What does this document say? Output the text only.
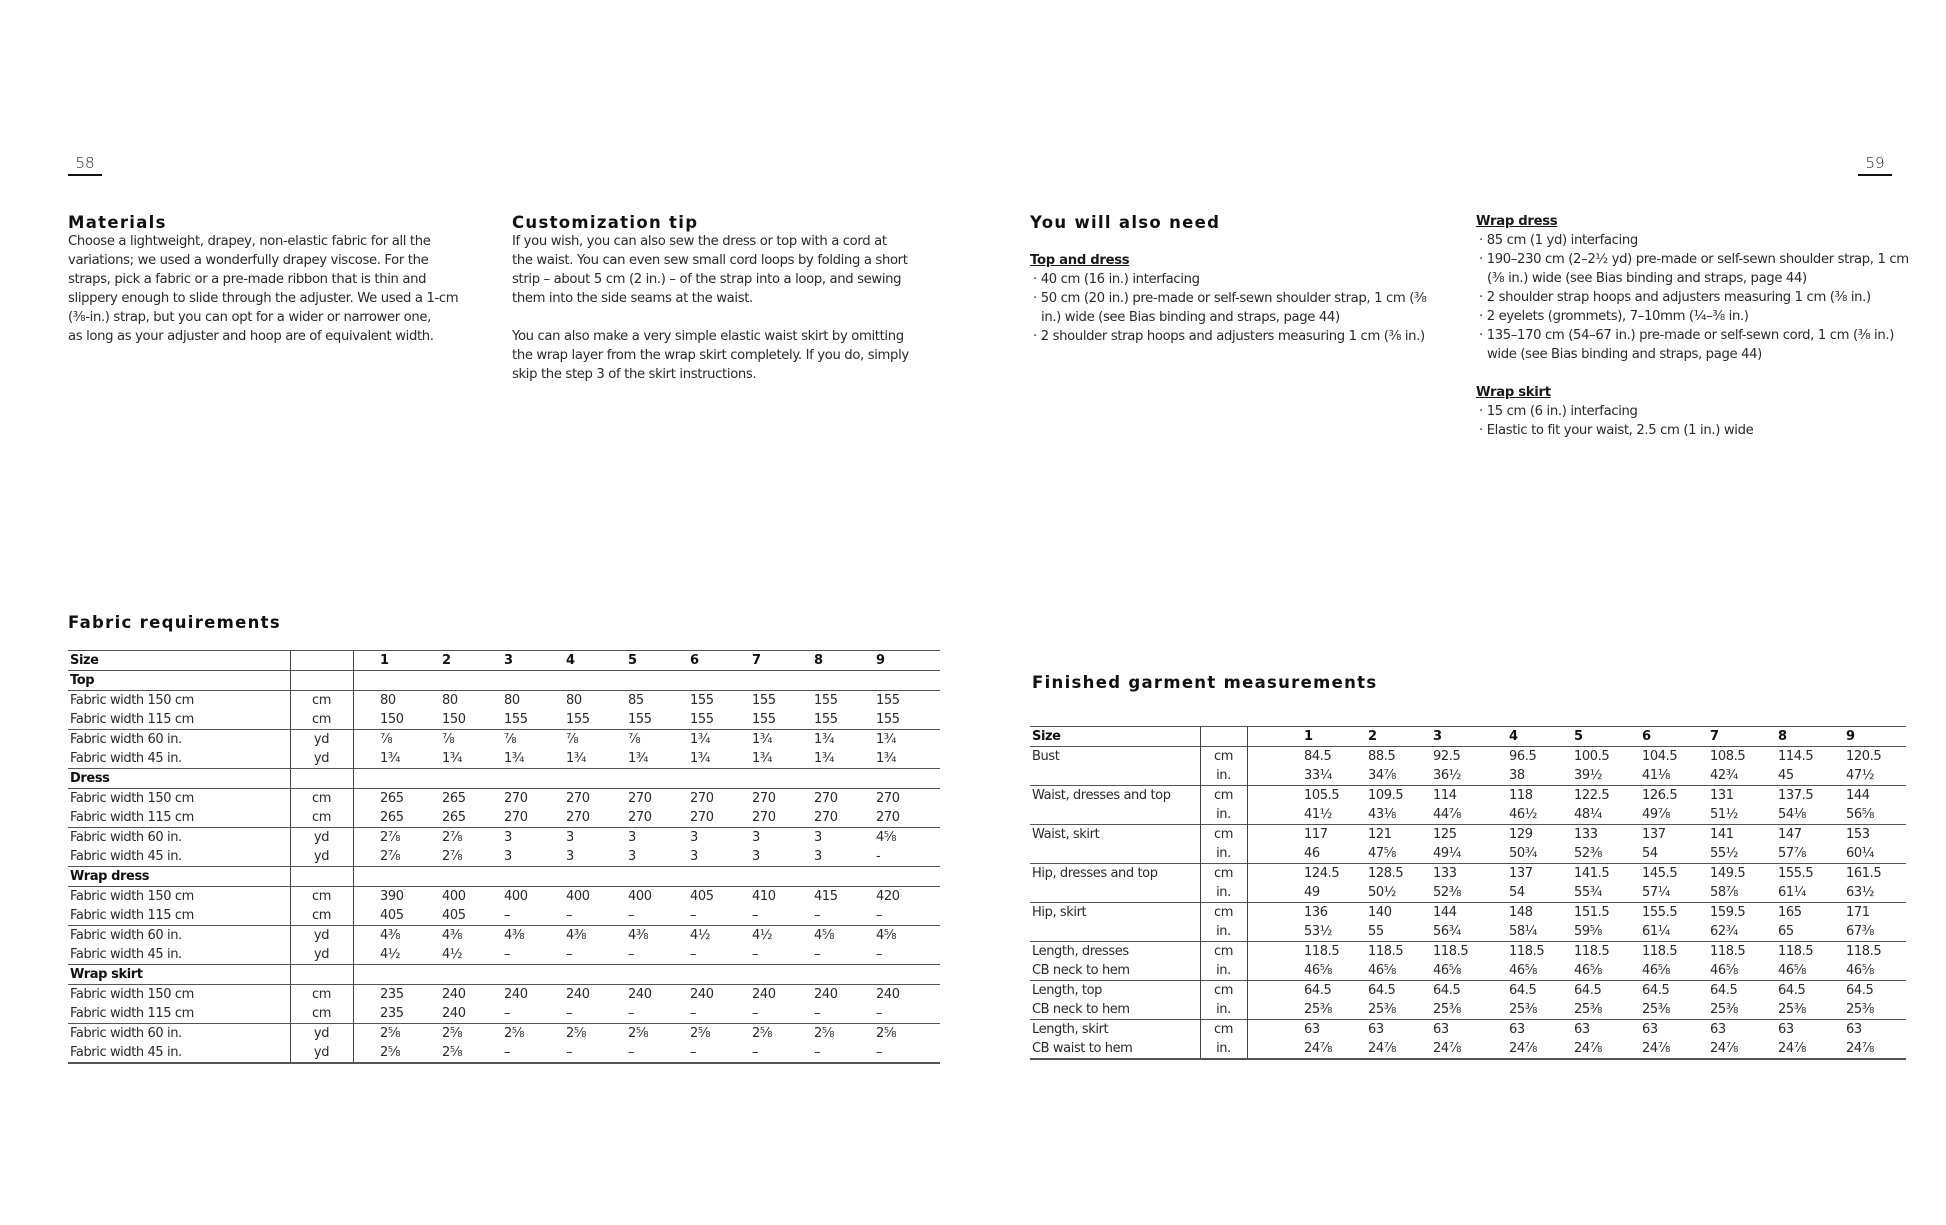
58	59
Materials
Choose a lightweight, drapey, non-elastic fabric for all the
variations; we used a wonderfully drapey viscose. For the
straps, pick a fabric or a pre-made ribbon that is thin and
slippery enough to slide through the adjuster. We used a 1-cm
(⅜-in.) strap, but you can opt for a wider or narrower one,
as long as your adjuster and hoop are of equivalent width.
Customization tip
If you wish, you can also sew the dress or top with a cord at
the waist. You can even sew small cord loops by folding a short
strip – about 5 cm (2 in.) – of the strap into a loop, and sewing
them into the side seams at the waist.
You can also make a very simple elastic waist skirt by omitting
the wrap layer from the wrap skirt completely. If you do, simply
skip the step 3 of the skirt instructions.
You will also need
Top and dress
· 40 cm (16 in.) interfacing
· 50 cm (20 in.) pre-made or self-sewn shoulder strap, 1 cm (⅜ in.) wide (see Bias binding and straps, page 44)
· 2 shoulder strap hoops and adjusters measuring 1 cm (⅜ in.)
Wrap dress
· 85 cm (1 yd) interfacing
· 190–230 cm (2–2½ yd) pre-made or self-sewn shoulder strap, 1 cm (⅜ in.) wide (see Bias binding and straps, page 44)
· 2 shoulder strap hoops and adjusters measuring 1 cm (⅜ in.)
· 2 eyelets (grommets), 7–10mm (¼–⅜ in.)
· 135–170 cm (54–67 in.) pre-made or self-sewn cord, 1 cm (⅜ in.) wide (see Bias binding and straps, page 44)
Wrap skirt
· 15 cm (6 in.) interfacing
· Elastic to fit your waist, 2.5 cm (1 in.) wide
Fabric requirements
Size			1	2	3	4	5	6	7	8	9	
Top												
Fabric width 150 cm	cm		80	80	80	80	85	155	155	155	155	
Fabric width 115 cm	cm		150	150	155	155	155	155	155	155	155	
Fabric width 60 in.	yd		⅞	⅞	⅞	⅞	⅞	1¾	1¾	1¾	1¾	
Fabric width 45 in.	yd		1¾	1¾	1¾	1¾	1¾	1¾	1¾	1¾	1¾	
Dress												
Fabric width 150 cm	cm		265	265	270	270	270	270	270	270	270	
Fabric width 115 cm	cm		265	265	270	270	270	270	270	270	270	
Fabric width 60 in.	yd		2⅞	2⅞	3	3	3	3	3	3	4⅝	
Fabric width 45 in.	yd		2⅞	2⅞	3	3	3	3	3	3	-	
Wrap dress												
Fabric width 150 cm	cm		390	400	400	400	400	405	410	415	420	
Fabric width 115 cm	cm		405	405	–	–	–	–	–	–	–	
Fabric width 60 in.	yd		4⅜	4⅜	4⅜	4⅜	4⅜	4½	4½	4⅝	4⅝	
Fabric width 45 in.	yd		4½	4½	–	–	–	–	–	–	–	
Wrap skirt												
Fabric width 150 cm	cm		235	240	240	240	240	240	240	240	240	
Fabric width 115 cm	cm		235	240	–	–	–	–	–	–	–	
Fabric width 60 in.	yd		2⅝	2⅝	2⅝	2⅝	2⅝	2⅝	2⅝	2⅝	2⅝	
Fabric width 45 in.	yd		2⅝	2⅝	–	–	–	–	–	–	–	
Finished garment measurements
Size			1	2	3	4	5	6	7	8	9	
Bust	cm		84.5	88.5	92.5	96.5	100.5	104.5	108.5	114.5	120.5	
	in.		33¼	34⅞	36½	38	39½	41⅛	42¾	45	47½	
Waist, dresses and top	cm		105.5	109.5	114	118	122.5	126.5	131	137.5	144	
	in.		41½	43⅛	44⅞	46½	48¼	49⅞	51½	54⅛	56⅝	
Waist, skirt	cm		117	121	125	129	133	137	141	147	153	
	in.		46	47⅝	49¼	50¾	52⅜	54	55½	57⅞	60¼	
Hip, dresses and top	cm		124.5	128.5	133	137	141.5	145.5	149.5	155.5	161.5	
	in.		49	50½	52⅜	54	55¾	57¼	58⅞	61¼	63½	
Hip, skirt	cm		136	140	144	148	151.5	155.5	159.5	165	171	
	in.		53½	55	56¾	58¼	59⅝	61¼	62¾	65	67⅜	
Length, dresses	cm		118.5	118.5	118.5	118.5	118.5	118.5	118.5	118.5	118.5	
CB neck to hem	in.		46⅝	46⅝	46⅝	46⅝	46⅝	46⅝	46⅝	46⅝	46⅝	
Length, top	cm		64.5	64.5	64.5	64.5	64.5	64.5	64.5	64.5	64.5	
CB neck to hem	in.		25⅜	25⅜	25⅜	25⅜	25⅜	25⅜	25⅜	25⅜	25⅜	
Length, skirt	cm		63	63	63	63	63	63	63	63	63	
CB waist to hem	in.		24⅞	24⅞	24⅞	24⅞	24⅞	24⅞	24⅞	24⅞	24⅞	
